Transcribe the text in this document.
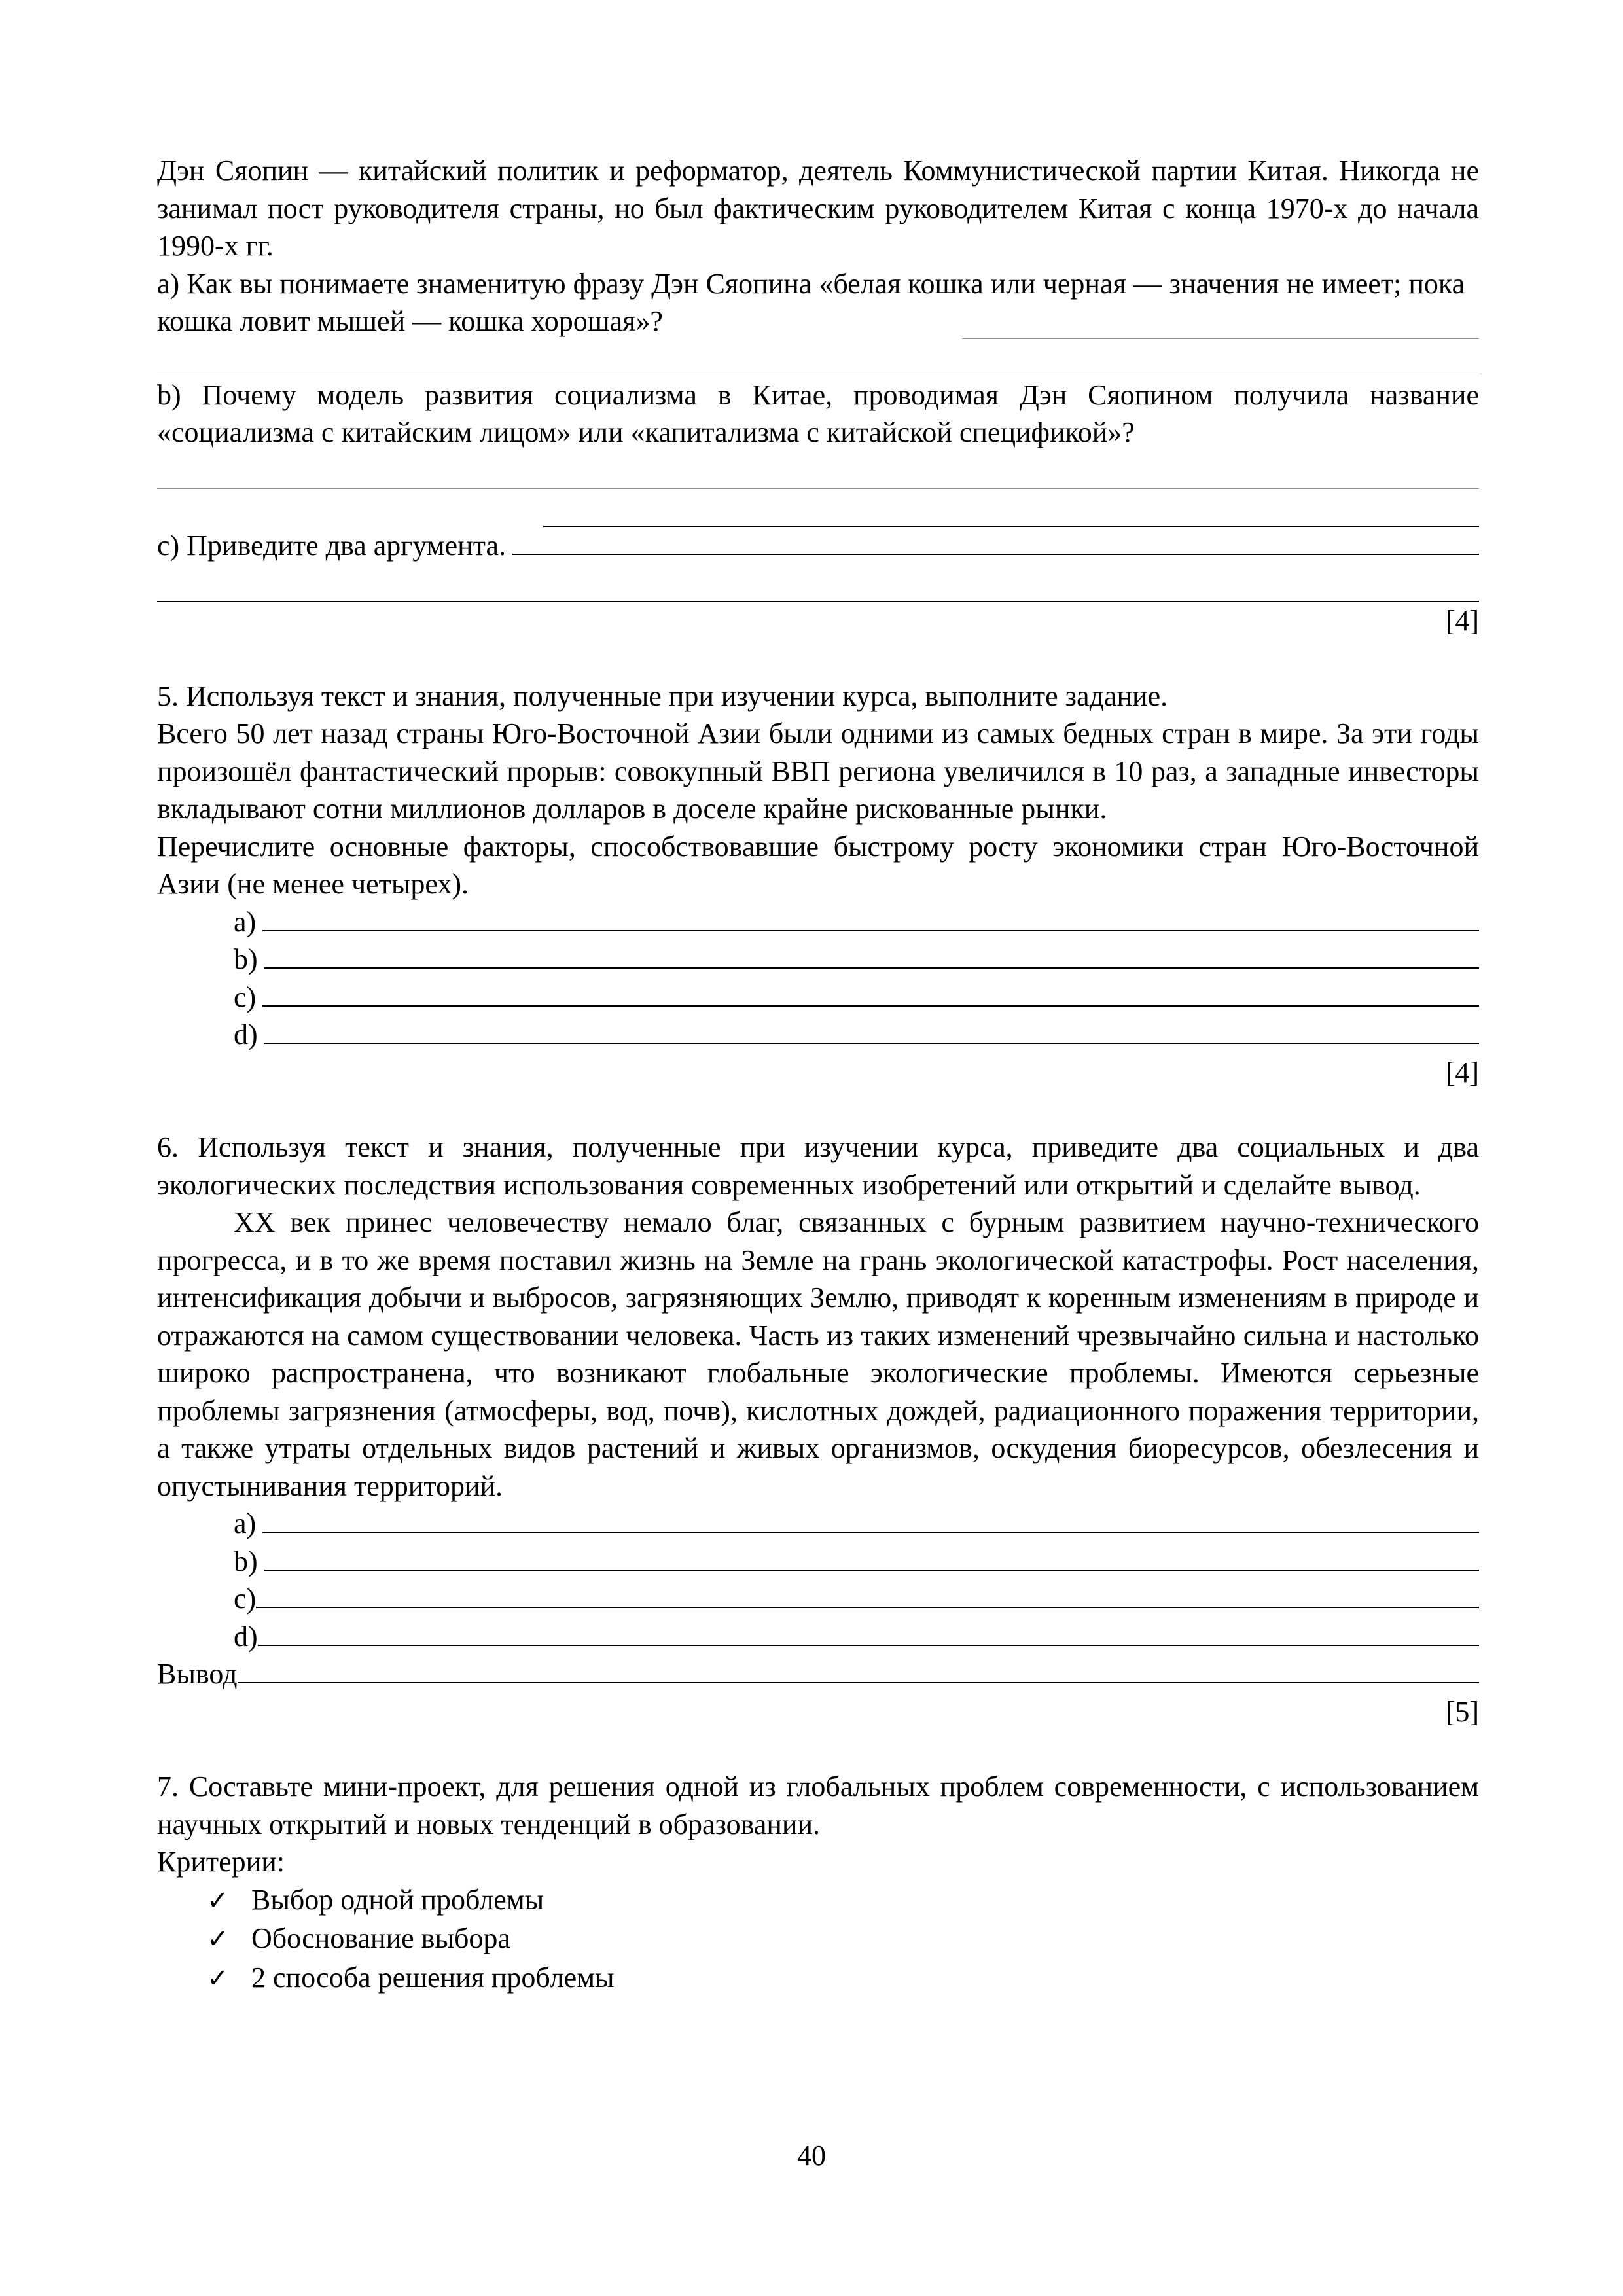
Дэн Сяопин — китайский политик и реформатор, деятель Коммунистической партии Китая. Никогда не занимал пост руководителя страны, но был фактическим руководителем Китая с конца 1970-х до начала 1990-х гг.

a) Как вы понимаете знаменитую фразу Дэн Сяопина «белая кошка или черная — значения не имеет; пока кошка ловит мышей — кошка хорошая»?

b) Почему модель развития социализма в Китае, проводимая Дэн Сяопином получила название «социализма с китайским лицом» или «капитализма с китайской спецификой»?

c) Приведите два аргумента.
[4]

5. Используя текст и знания, полученные при изучении курса, выполните задание.

Всего 50 лет назад страны Юго-Восточной Азии были одними из самых бедных стран в мире. За эти годы произошёл фантастический прорыв: совокупный ВВП региона увеличился в 10 раз, а западные инвесторы вкладывают сотни миллионов долларов в доселе крайне рискованные рынки.

Перечислите основные факторы, способствовавшие быстрому росту экономики стран Юго-Восточной Азии (не менее четырех).

a)
b)
c)
d)
[4]

6. Используя текст и знания, полученные при изучении курса, приведите два социальных и два экологических последствия использования современных изобретений или открытий и сделайте вывод.

XX век принес человечеству немало благ, связанных с бурным развитием научно-технического прогресса, и в то же время поставил жизнь на Земле на грань экологической катастрофы. Рост населения, интенсификация добычи и выбросов, загрязняющих Землю, приводят к коренным изменениям в природе и отражаются на самом существовании человека. Часть из таких изменений чрезвычайно сильна и настолько широко распространена, что возникают глобальные экологические проблемы. Имеются серьезные проблемы загрязнения (атмосферы, вод, почв), кислотных дождей, радиационного поражения территории, а также утраты отдельных видов растений и живых организмов, оскудения биоресурсов, обезлесения и опустынивания территорий.

a)
b)
c)
d)
Вывод
[5]

7. Составьте мини-проект, для решения одной из глобальных проблем современности, с использованием научных открытий и новых тенденций в образовании.

Критерии:

✓ Выбор одной проблемы
✓ Обоснование выбора
✓ 2 способа решения проблемы
40
